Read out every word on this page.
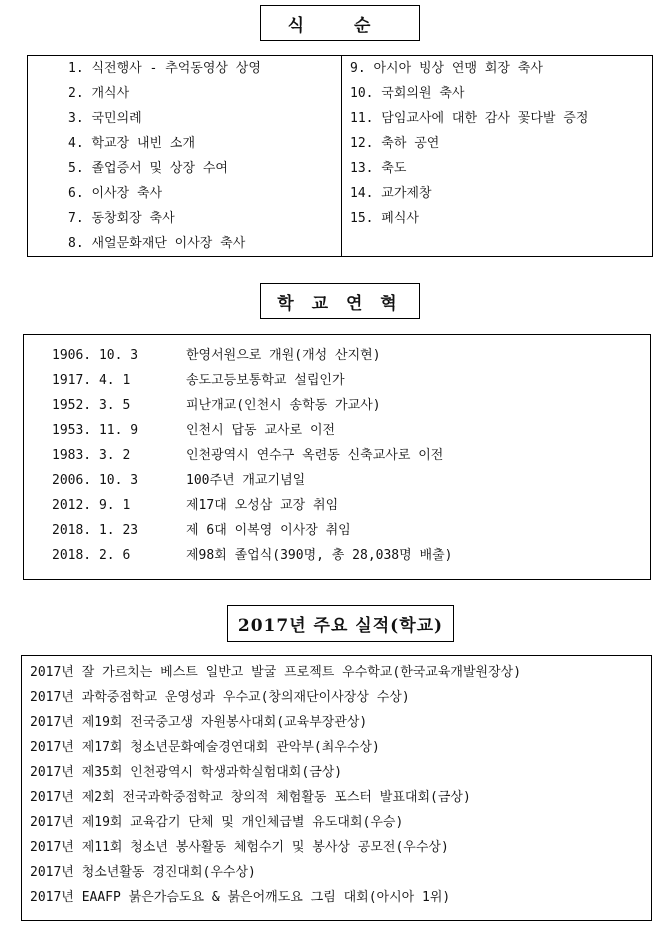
식 순
1. 식전행사 - 추억동영상 상영
2. 개식사
3. 국민의례
4. 학교장 내빈 소개
5. 졸업증서 및 상장 수여
6. 이사장 축사
7. 동창회장 축사
8. 새얼문화재단 이사장 축사
9. 아시아 빙상 연맹 회장 축사
10. 국회의원 축사
11. 담임교사에 대한 감사 꽃다발 증정
12. 축하 공연
13. 축도
14. 교가제창
15. 폐식사
학 교 연 혁
1906. 10. 3	한영서원으로 개원(개성 산지현)
1917. 4. 1	송도고등보통학교 설립인가
1952. 3. 5	피난개교(인천시 송학동 가교사)
1953. 11. 9	인천시 답동 교사로 이전
1983. 3. 2	인천광역시 연수구 옥련동 신축교사로 이전
2006. 10. 3	100주년 개교기념일
2012. 9. 1	제17대 오성삼 교장 취임
2018. 1. 23	제 6대 이복영 이사장 취임
2018. 2. 6	제98회 졸업식(390명, 총 28,038명 배출)
2017년 주요 실적(학교)
2017년 잘 가르치는 베스트 일반고 발굴 프로젝트 우수학교(한국교육개발원장상)
2017년 과학중점학교 운영성과 우수교(창의재단이사장상 수상)
2017년 제19회 전국중고생 자원봉사대회(교육부장관상)
2017년 제17회 청소년문화예술경연대회 관악부(최우수상)
2017년 제35회 인천광역시 학생과학실험대회(금상)
2017년 제2회 전국과학중점학교 창의적 체험활동 포스터 발표대회(금상)
2017년 제19회 교육감기 단체 및 개인체급별 유도대회(우승)
2017년 제11회 청소년 봉사활동 체험수기 및 봉사상 공모전(우수상)
2017년 청소년활동 경진대회(우수상)
2017년 EAAFP 붉은가슴도요 & 붉은어깨도요 그림 대회(아시아 1위)
